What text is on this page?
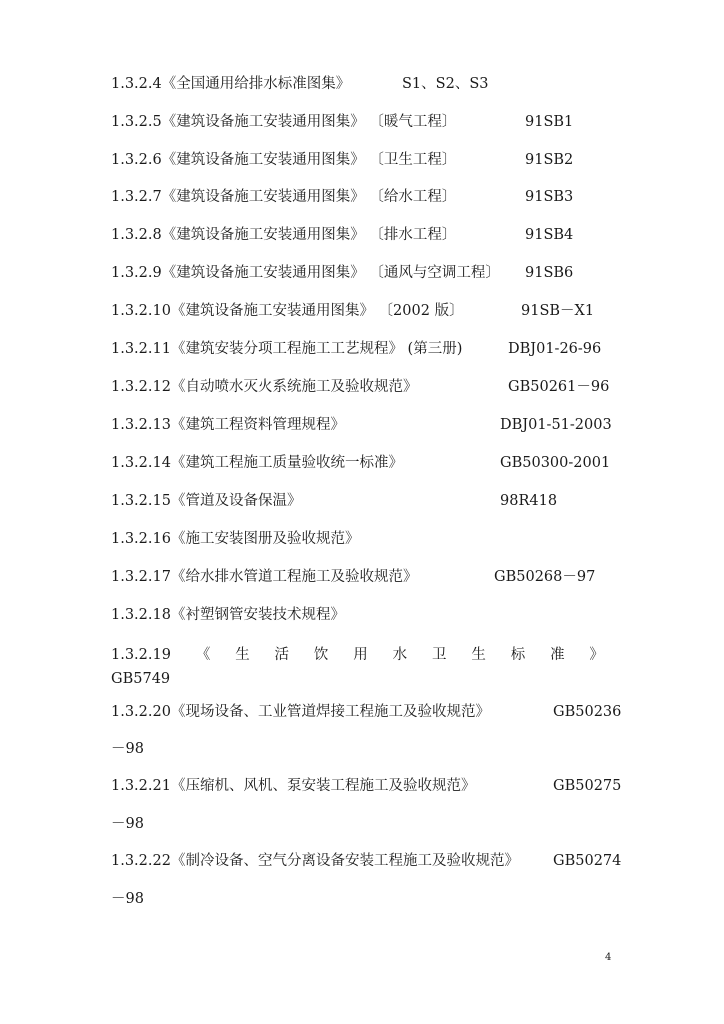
1.3.2.4《全国通用给排水标准图集》	S1、S2、S3
1.3.2.5《建筑设备施工安装通用图集》 〔暖气工程〕	91SB1
1.3.2.6《建筑设备施工安装通用图集》 〔卫生工程〕	91SB2
1.3.2.7《建筑设备施工安装通用图集》 〔给水工程〕	91SB3
1.3.2.8《建筑设备施工安装通用图集》 〔排水工程〕	91SB4
1.3.2.9《建筑设备施工安装通用图集》 〔通风与空调工程〕 91SB6
1.3.2.10《建筑设备施工安装通用图集》 〔2002 版〕	91SB－X1
1.3.2.11《建筑安装分项工程施工工艺规程》 (第三册)	DBJ01-26-96
1.3.2.12《自动喷水灭火系统施工及验收规范》	GB50261－96
1.3.2.13《建筑工程资料管理规程》	DBJ01-51-2003
1.3.2.14《建筑工程施工质量验收统一标准》	GB50300-2001
1.3.2.15《管道及设备保温》	98R418
1.3.2.16《施工安装图册及验收规范》
1.3.2.17《给水排水管道工程施工及验收规范》	GB50268－97
1.3.2.18《衬塑钢管安装技术规程》
1.3.2.19 《 生 活 饮 用 水 卫 生 标 准 》
GB5749
1.3.2.20《现场设备、工业管道焊接工程施工及验收规范》	GB50236
－98
1.3.2.21《压缩机、风机、泵安装工程施工及验收规范》	GB50275
－98
1.3.2.22《制冷设备、空气分离设备安装工程施工及验收规范》 GB50274
－98
4
